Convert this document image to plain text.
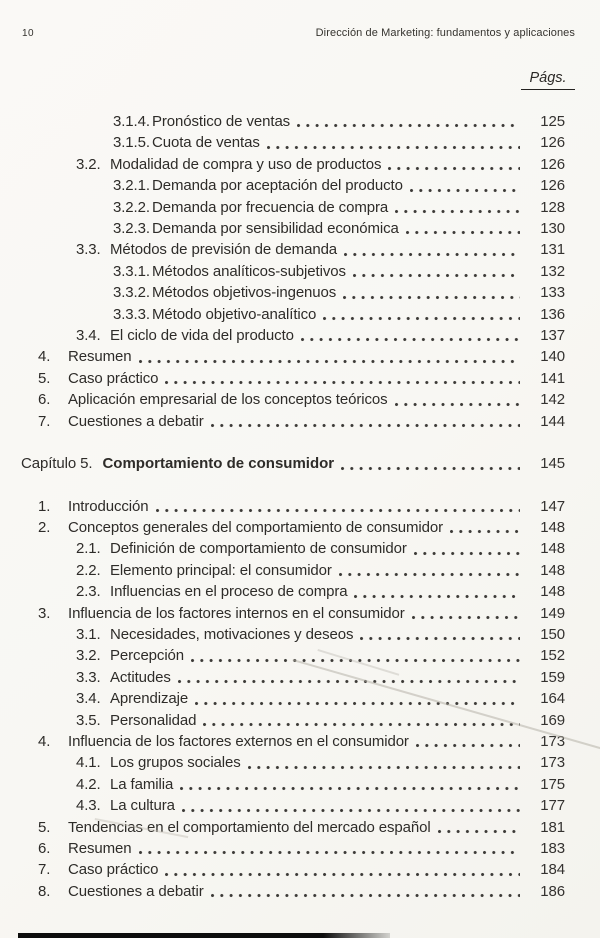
10	Dirección de Marketing: fundamentos y aplicaciones
Págs.
3.1.4. Pronóstico de ventas	125
3.1.5. Cuota de ventas	126
3.2. Modalidad de compra y uso de productos	126
3.2.1. Demanda por aceptación del producto	126
3.2.2. Demanda por frecuencia de compra	128
3.2.3. Demanda por sensibilidad económica	130
3.3. Métodos de previsión de demanda	131
3.3.1. Métodos analíticos-subjetivos	132
3.3.2. Métodos objetivos-ingenuos	133
3.3.3. Método objetivo-analítico	136
3.4. El ciclo de vida del producto	137
4.	Resumen	140
5.	Caso práctico	141
6.	Aplicación empresarial de los conceptos teóricos	142
7.	Cuestiones a debatir	144
Capítulo 5. Comportamiento de consumidor	145
1.	Introducción	147
2.	Conceptos generales del comportamiento de consumidor	148
2.1. Definición de comportamiento de consumidor	148
2.2. Elemento principal: el consumidor	148
2.3. Influencias en el proceso de compra	148
3.	Influencia de los factores internos en el consumidor	149
3.1. Necesidades, motivaciones y deseos	150
3.2. Percepción	152
3.3. Actitudes	159
3.4. Aprendizaje	164
3.5. Personalidad	169
4.	Influencia de los factores externos en el consumidor	173
4.1. Los grupos sociales	173
4.2. La familia	175
4.3. La cultura	177
5.	Tendencias en el comportamiento del mercado español	181
6.	Resumen	183
7.	Caso práctico	184
8.	Cuestiones a debatir	186
